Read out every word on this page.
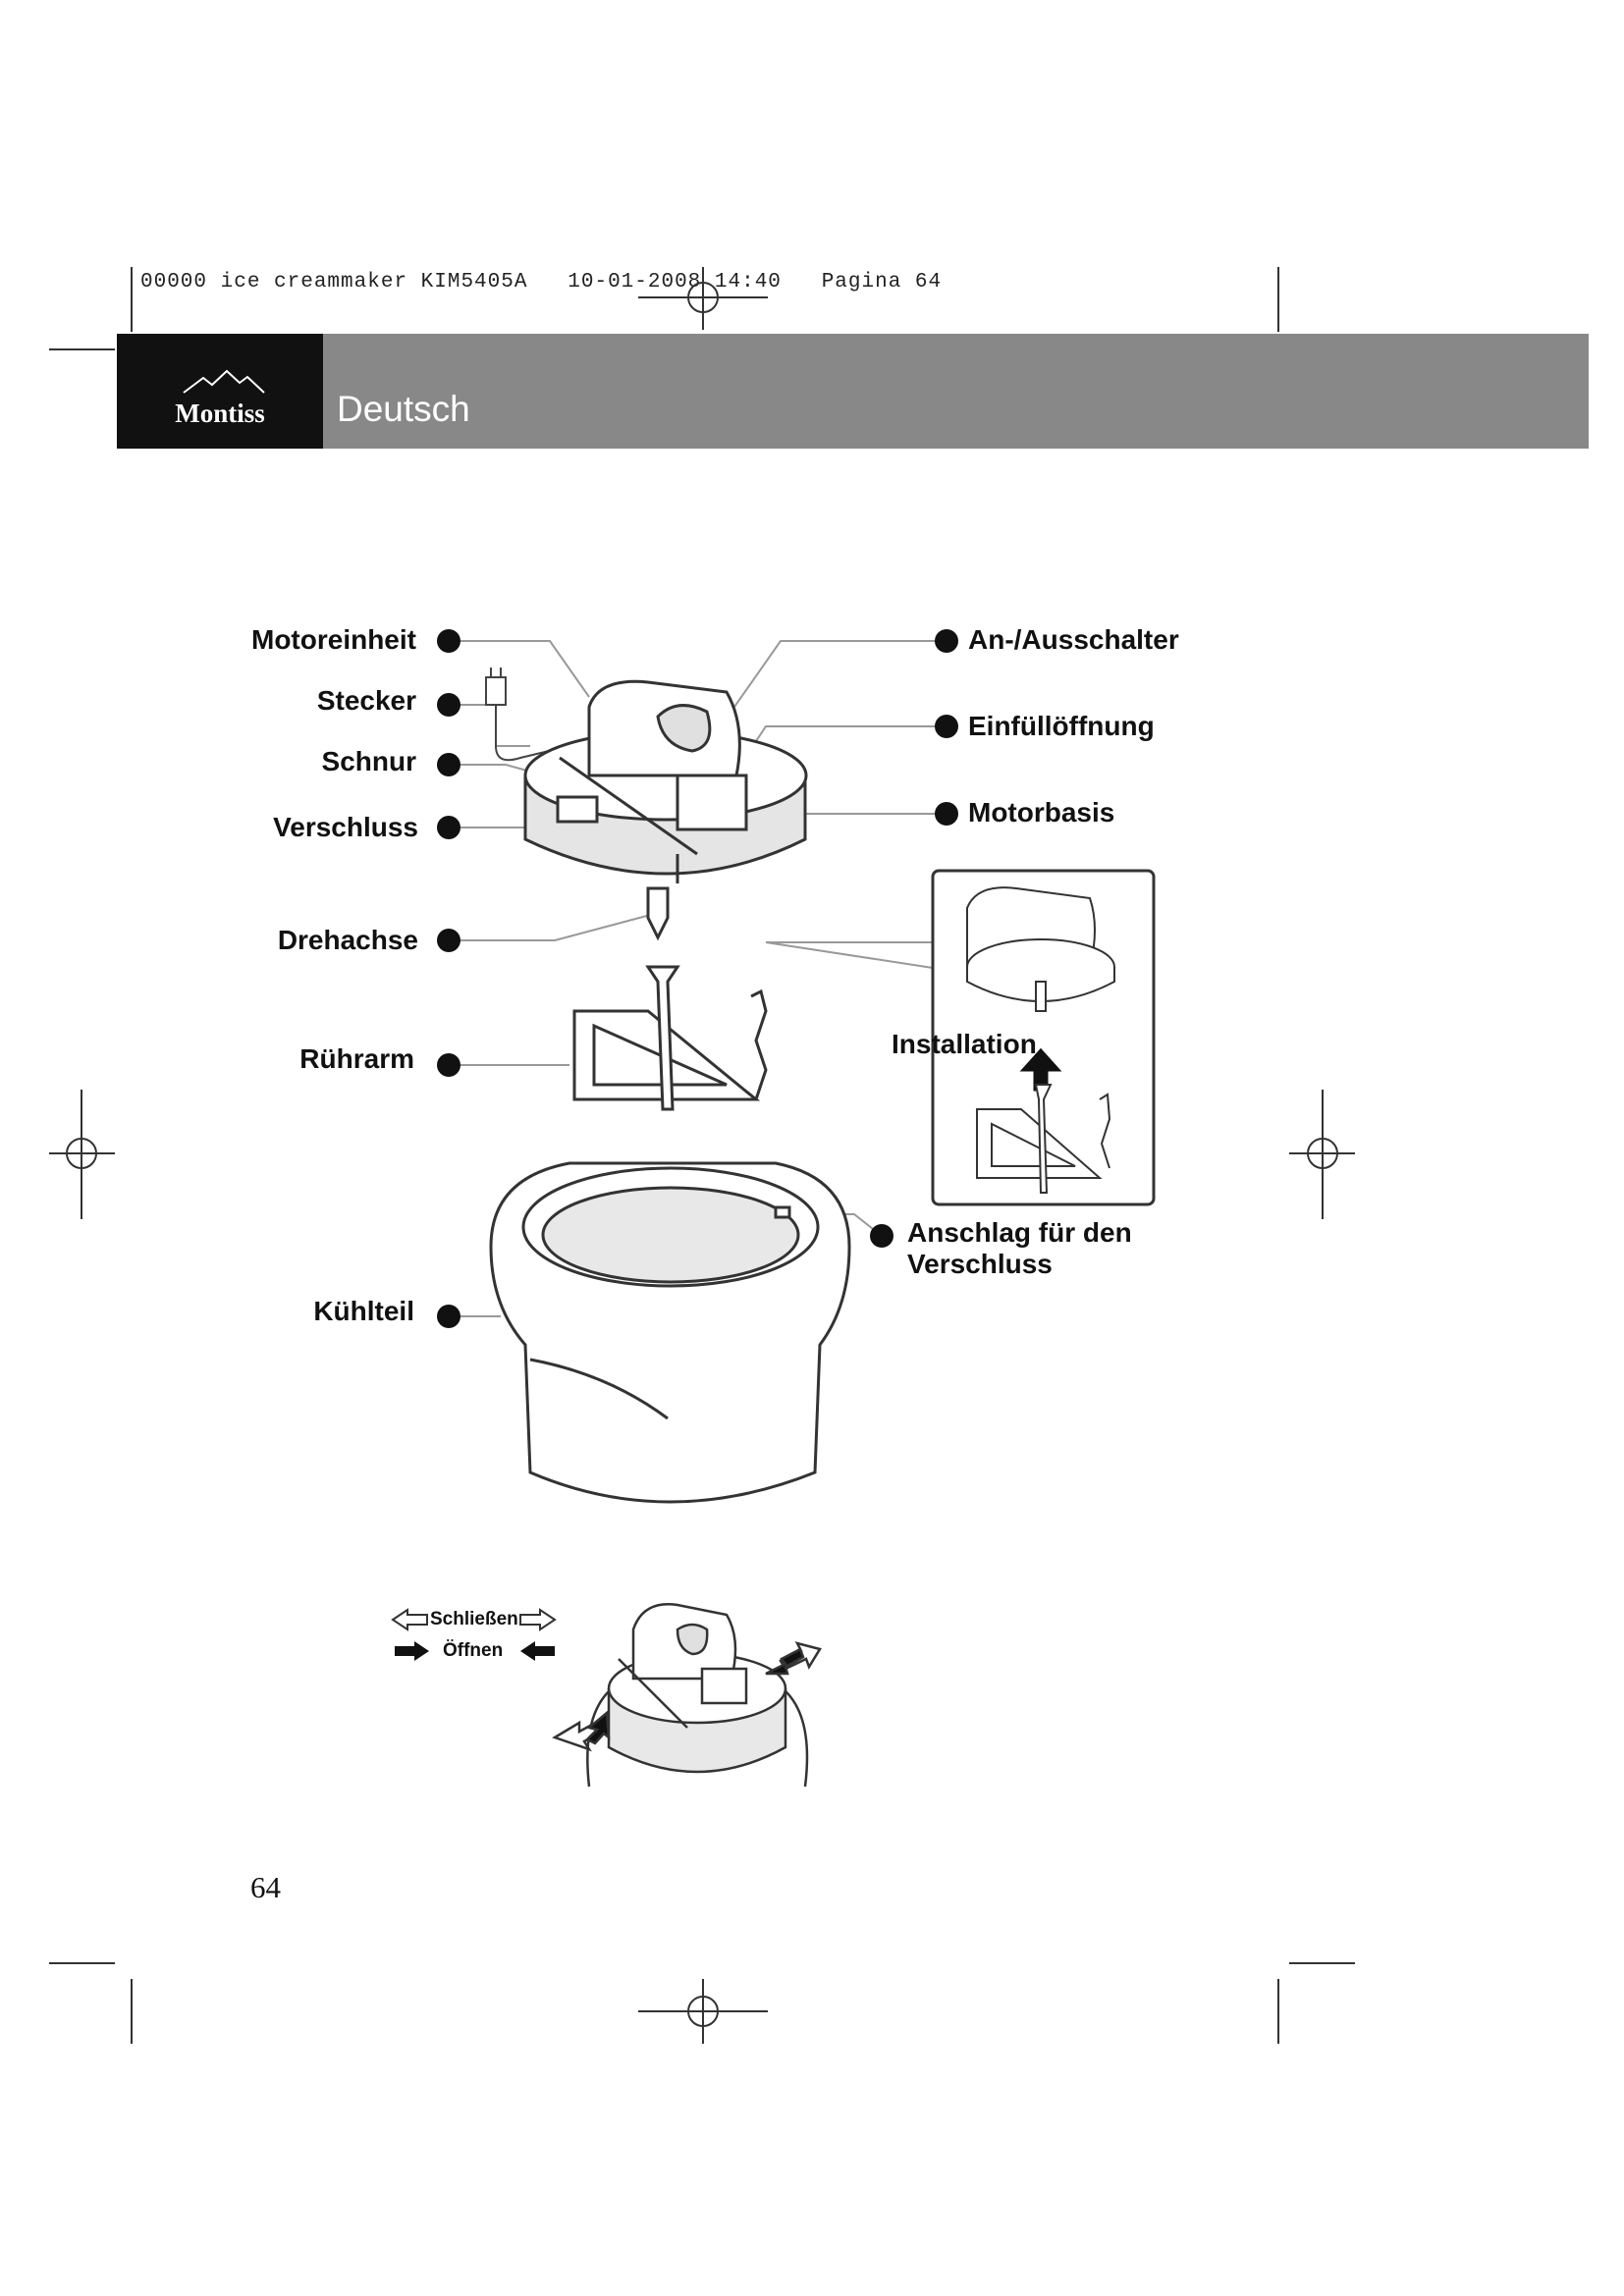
00000 ice creammaker KIM5405A   10-01-2008 14:40   Pagina 64
Montiss	Deutsch
Motoreinheit
Stecker
Schnur
Verschluss
Drehachse
Rührarm
Kühlteil
An-/Ausschalter
Einfüllöffnung
Motorbasis
Installation
Anschlag für den
Verschluss
Schließen
Öffnen
64
